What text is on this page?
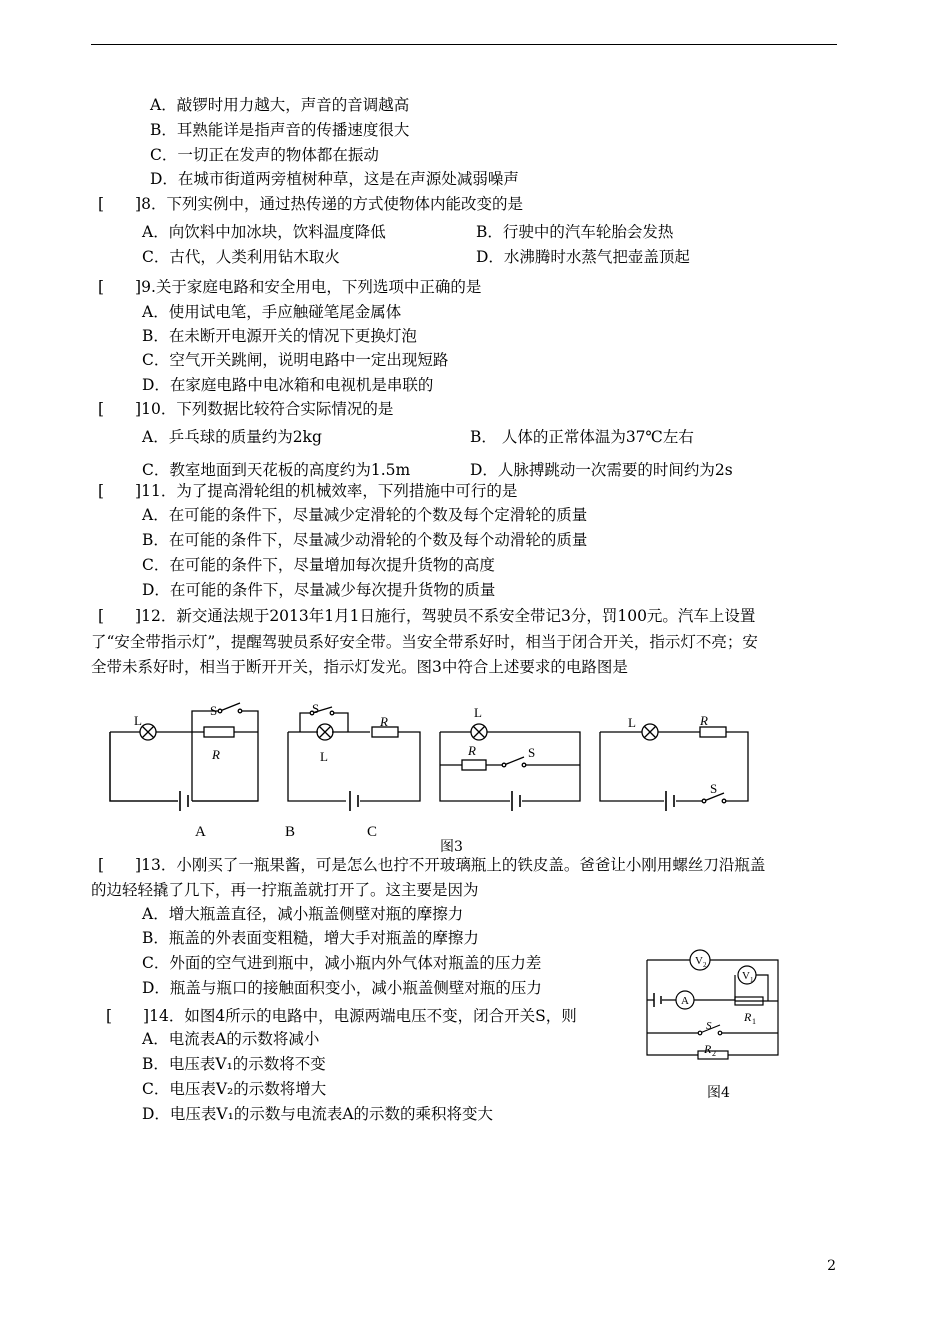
A．敲锣时用力越大，声音的音调越高
B．耳熟能详是指声音的传播速度很大
C．一切正在发声的物体都在振动
D．在城市街道两旁植树种草，这是在声源处减弱噪声
[　　]8．下列实例中，通过热传递的方式使物体内能改变的是
A．向饮料中加冰块，饮料温度降低	B．行驶中的汽车轮胎会发热
C．古代，人类利用钻木取火	D．水沸腾时水蒸气把壶盖顶起
[　　]9.关于家庭电路和安全用电，下列选项中正确的是
A．使用试电笔，手应触碰笔尾金属体
B．在未断开电源开关的情况下更换灯泡
C．空气开关跳闸，说明电路中一定出现短路
D．在家庭电路中电冰箱和电视机是串联的
[　　]10．下列数据比较符合实际情况的是
A．乒乓球的质量约为2kg	B． 人体的正常体温为37℃左右
C．教室地面到天花板的高度约为1.5m	D．人脉搏跳动一次需要的时间约为2s
[　　]11．为了提高滑轮组的机械效率，下列措施中可行的是
A．在可能的条件下，尽量减少定滑轮的个数及每个定滑轮的质量
B．在可能的条件下，尽量减少动滑轮的个数及每个动滑轮的质量
C．在可能的条件下，尽量增加每次提升货物的高度
D．在可能的条件下，尽量减少每次提升货物的质量
[　　]12．新交通法规于2013年1月1日施行，驾驶员不系安全带记3分，罚100元。汽车上设置
了“安全带指示灯”，提醒驾驶员系好安全带。当安全带系好时，相当于闭合开关，指示灯不亮；安
全带未系好时，相当于断开开关，指示灯发光。图3中符合上述要求的电路图是
L
S
R
S
L
R
L
R	S
L	R
S
A	B	C
图3
[　　]13．小刚买了一瓶果酱，可是怎么也拧不开玻璃瓶上的铁皮盖。爸爸让小刚用螺丝刀沿瓶盖
的边轻轻撬了几下，再一拧瓶盖就打开了。这主要是因为
A．增大瓶盖直径，减小瓶盖侧壁对瓶的摩擦力
B．瓶盖的外表面变粗糙，增大手对瓶盖的摩擦力
C．外面的空气进到瓶中，减小瓶内外气体对瓶盖的压力差
D．瓶盖与瓶口的接触面积变小，减小瓶盖侧壁对瓶的压力
[　　]14．如图4所示的电路中，电源两端电压不变，闭合开关S，则
A．电流表A的示数将减小
B．电压表V₁的示数将不变
C．电压表V₂的示数将增大
D．电压表V₁的示数与电流表A的示数的乘积将变大
V 2
V 1
A
R 1
S
R 2
图4
2
